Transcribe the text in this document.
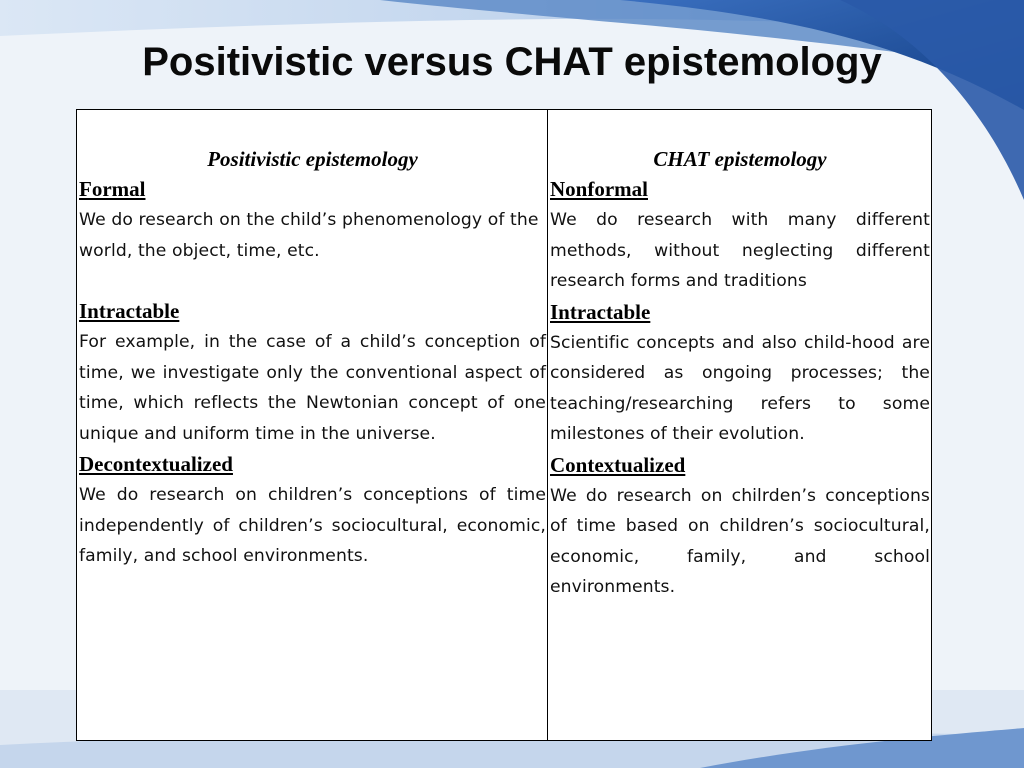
Positivistic versus CHAT epistemology
Positivistic epistemology
Formal
We do research on the child’s phenomenology of the world, the object, time, etc.
Intractable
For example, in the case of a child’s conception of time, we investigate only the conventional aspect of time, which reflects the Newtonian concept of one unique and uniform time in the universe.
Decontextualized
We do research on children’s conceptions of time independently of children’s sociocultural, economic, family, and school environments.
CHAT epistemology
Nonformal
We do research with many different methods, without neglecting different research forms and traditions
Intractable
Scientific concepts and also child-hood are considered as ongoing processes; the teaching/researching refers to some milestones of their evolution.
Contextualized
We do research on chilrden’s conceptions of time based on children’s sociocultural, economic, family, and school environments.
